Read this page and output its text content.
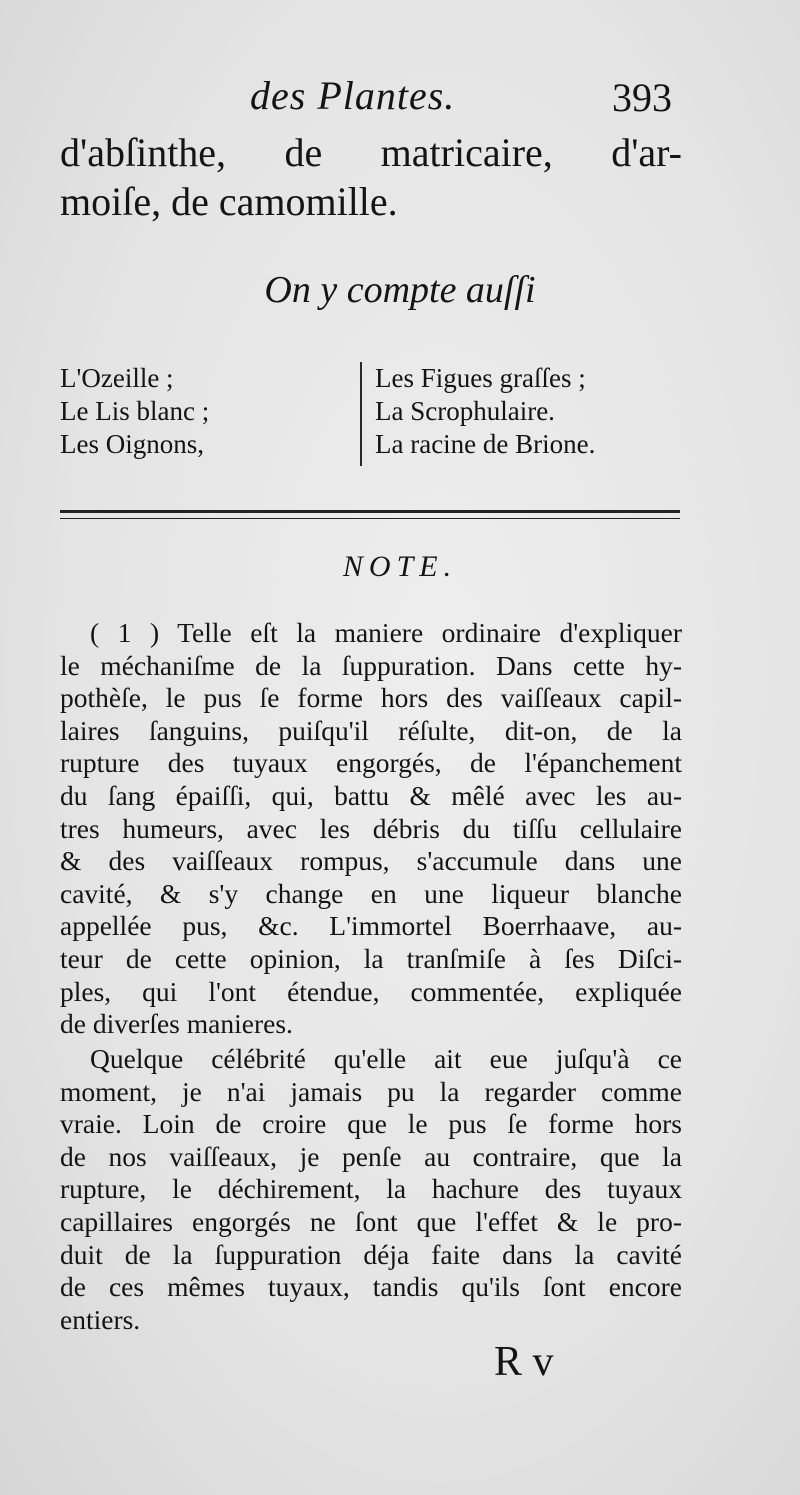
des Plantes.	393
d'abſinthe, de matricaire, d'ar-
moiſe, de camomille.
On y compte auſſi
L'Ozeille ;
Le Lis blanc ;
Les Oignons,
Les Figues graſſes ;
La Scrophulaire.
La racine de Brione.
NOTE.
( 1 ) Telle eſt la maniere ordinaire d'expliquer
le méchaniſme de la ſuppuration. Dans cette hy-
pothèſe, le pus ſe forme hors des vaiſſeaux capil-
laires ſanguins, puiſqu'il réſulte, dit-on, de la
rupture des tuyaux engorgés, de l'épanchement
du ſang épaiſſi, qui, battu & mêlé avec les au-
tres humeurs, avec les débris du tiſſu cellulaire
& des vaiſſeaux rompus, s'accumule dans une
cavité, & s'y change en une liqueur blanche
appellée pus, &c. L'immortel Boerrhaave, au-
teur de cette opinion, la tranſmiſe à ſes Diſci-
ples, qui l'ont étendue, commentée, expliquée
de diverſes manieres.
Quelque célébrité qu'elle ait eue juſqu'à ce
moment, je n'ai jamais pu la regarder comme
vraie. Loin de croire que le pus ſe forme hors
de nos vaiſſeaux, je penſe au contraire, que la
rupture, le déchirement, la hachure des tuyaux
capillaires engorgés ne ſont que l'effet & le pro-
duit de la ſuppuration déja faite dans la cavité
de ces mêmes tuyaux, tandis qu'ils ſont encore
entiers.
R v
